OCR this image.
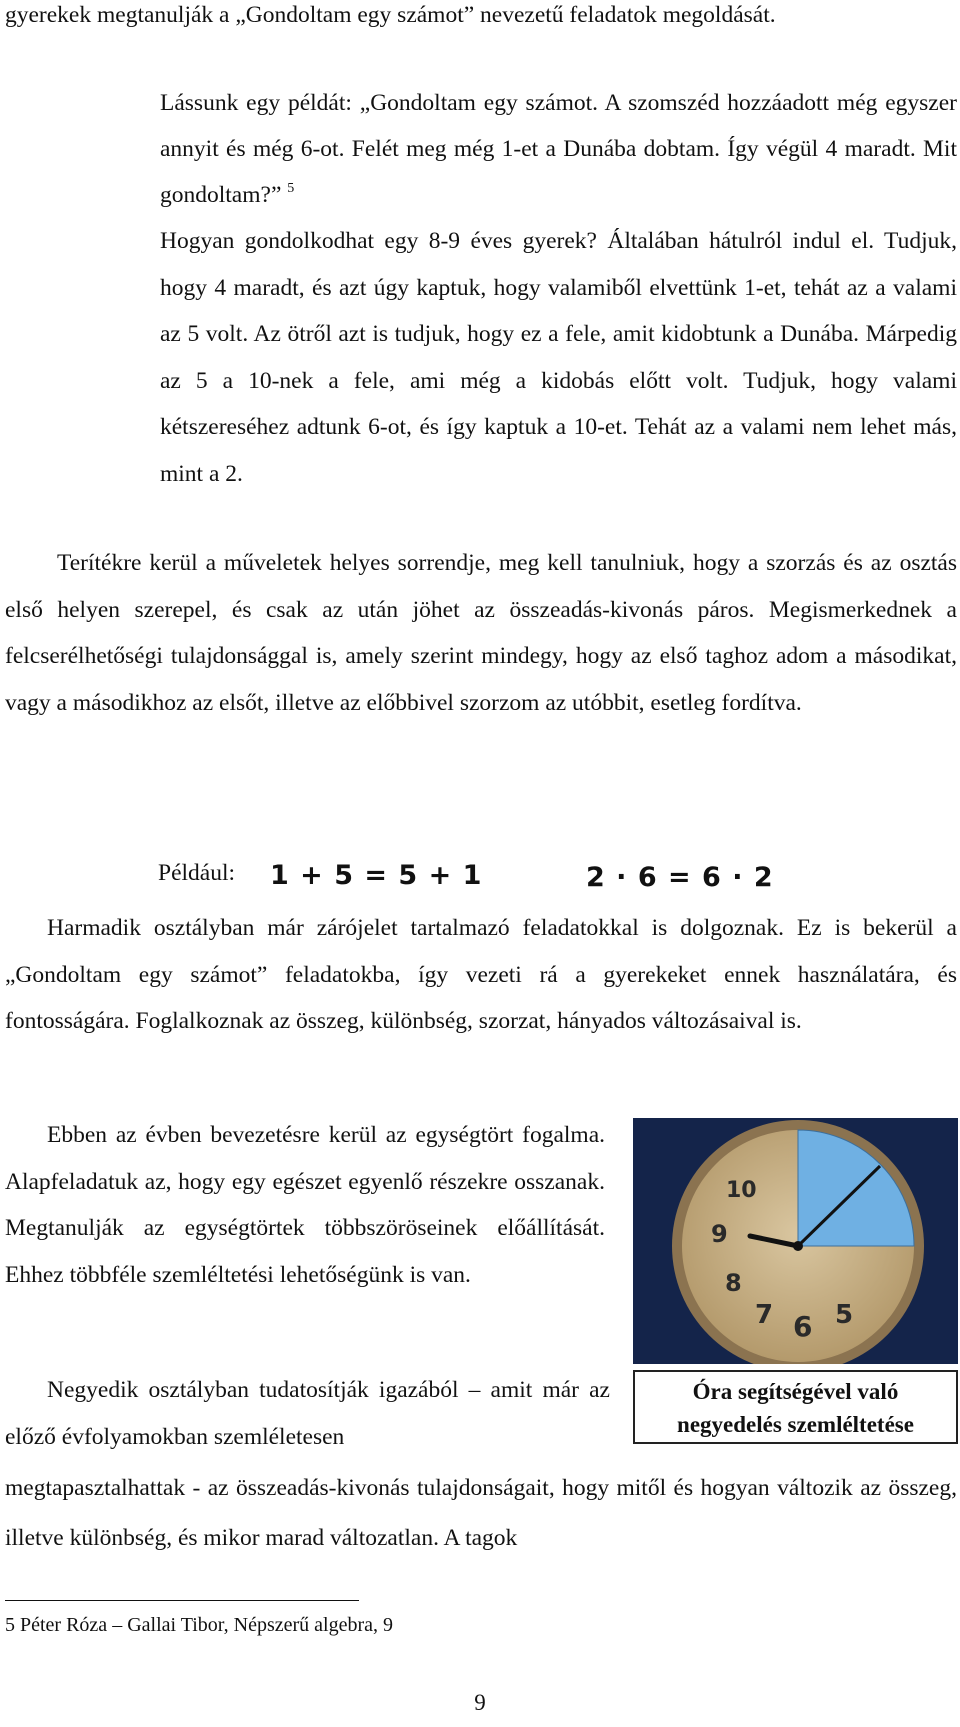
gyerekek megtanulják a „Gondoltam egy számot” nevezetű feladatok megoldását.

Lássunk egy példát: „Gondoltam egy számot. A szomszéd hozzáadott még egyszer annyit és még 6-ot. Felét meg még 1-et a Dunába dobtam. Így végül 4 maradt. Mit gondoltam?” $^5$

Hogyan gondolkodhat egy 8-9 éves gyerek? Általában hátulról indul el. Tudjuk, hogy 4 maradt, és azt úgy kaptuk, hogy valamiből elvettünk 1-et, tehát az a valami az 5 volt. Az ötről azt is tudjuk, hogy ez a fele, amit kidobtunk a Dunába. Márpedig az 5 a 10-nek a fele, ami még a kidobás előtt volt. Tudjuk, hogy valami kétszereséhez adtunk 6-ot, és így kaptuk a 10-et. Tehát az a valami nem lehet más, mint a 2.

Terítékre kerül a műveletek helyes sorrendje, meg kell tanulniuk, hogy a szorzás és az osztás első helyen szerepel, és csak az után jöhet az összeadás-kivonás páros. Megismerkednek a felcserélhetőségi tulajdonsággal is, amely szerint mindegy, hogy az első taghoz adom a másodikat, vagy a másodikhoz az elsőt, illetve az előbbivel szorzom az utóbbit, esetleg fordítva.

Például: 1 + 5 = 5 + 1	2 · 6 = 6 · 2

Harmadik osztályban már zárójelet tartalmazó feladatokkal is dolgoznak. Ez is bekerül a „Gondoltam egy számot” feladatokba, így vezeti rá a gyerekeket ennek használatára, és fontosságára. Foglalkoznak az összeg, különbség, szorzat, hányados változásaival is.

Ebben az évben bevezetésre kerül az egységtört fogalma. Alapfeladatuk az, hogy egy egészet egyenlő részekre osszanak. Megtanulják az egységtörtek többszöröseinek előállítását. Ehhez többféle szemléltetési lehetőségünk is van.

Negyedik osztályban tudatosítják igazából – amit már az előző évfolyamokban szemléletesen

megtapasztalhattak - az összeadás-kivonás tulajdonságait, hogy mitől és hogyan változik az összeg, illetve különbség, és mikor marad változatlan. A tagok

10
9
8
7 6 5
Óra segítségével való
negyedelés szemléltetése
5 Péter Róza – Gallai Tibor, Népszerű algebra, 9
9
